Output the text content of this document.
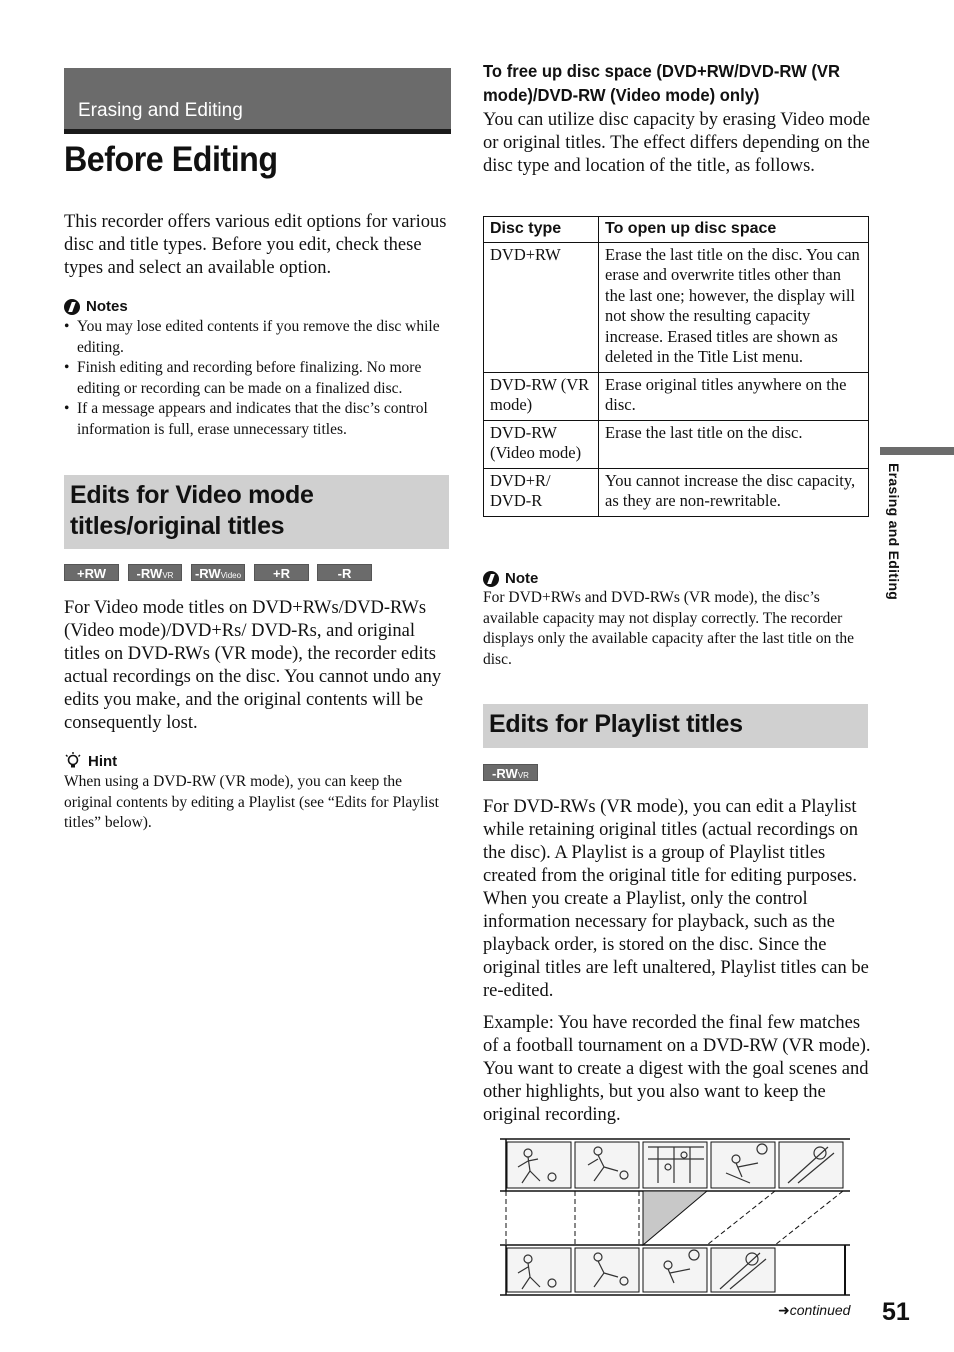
Erasing and Editing
Before Editing

This recorder offers various edit options for various disc and title types. Before you edit, check these types and select an available option.

Notes
• You may lose edited contents if you remove the disc while editing.
• Finish editing and recording before finalizing. No more editing or recording can be made on a finalized disc.
• If a message appears and indicates that the disc’s control information is full, erase unnecessary titles.
Edits for Video mode titles/original titles
+RW	-RWVR	-RWVideo	+R	-R

For Video mode titles on DVD+RWs/DVD-RWs (Video mode)/DVD+Rs/ DVD-Rs, and original titles on DVD-RWs (VR mode), the recorder edits actual recordings on the disc. You cannot undo any edits you make, and the original contents will be consequently lost.

Hint

When using a DVD-RW (VR mode), you can keep the original contents by editing a Playlist (see “Edits for Playlist titles” below).

To free up disc space (DVD+RW/DVD-RW (VR mode)/DVD-RW (Video mode) only)

You can utilize disc capacity by erasing Video mode or original titles. The effect differs depending on the disc type and location of the title, as follows.

Disc type	To open up disc space
DVD+RW	Erase the last title on the disc. You can erase and overwrite titles other than the last one; however, the display will not show the resulting capacity increase. Erased titles are shown as deleted in the Title List menu.
DVD-RW (VR mode)	Erase original titles anywhere on the disc.
DVD-RW (Video mode)	Erase the last title on the disc.
DVD+R/ DVD-R	You cannot increase the disc capacity, as they are non-rewritable.
Note

For DVD+RWs and DVD-RWs (VR mode), the disc’s available capacity may not display correctly. The recorder displays only the available capacity after the last title on the disc.

Edits for Playlist titles
-RWVR

For DVD-RWs (VR mode), you can edit a Playlist while retaining original titles (actual recordings on the disc). A Playlist is a group of Playlist titles created from the original title for editing purposes. When you create a Playlist, only the control information necessary for playback, such as the playback order, is stored on the disc. Since the original titles are left unaltered, Playlist titles can be re-edited.

Example: You have recorded the final few matches of a football tournament on a DVD-RW (VR mode). You want to create a digest with the goal scenes and other highlights, but you also want to keep the original recording.

Erasing and Editing
➜continued 51
